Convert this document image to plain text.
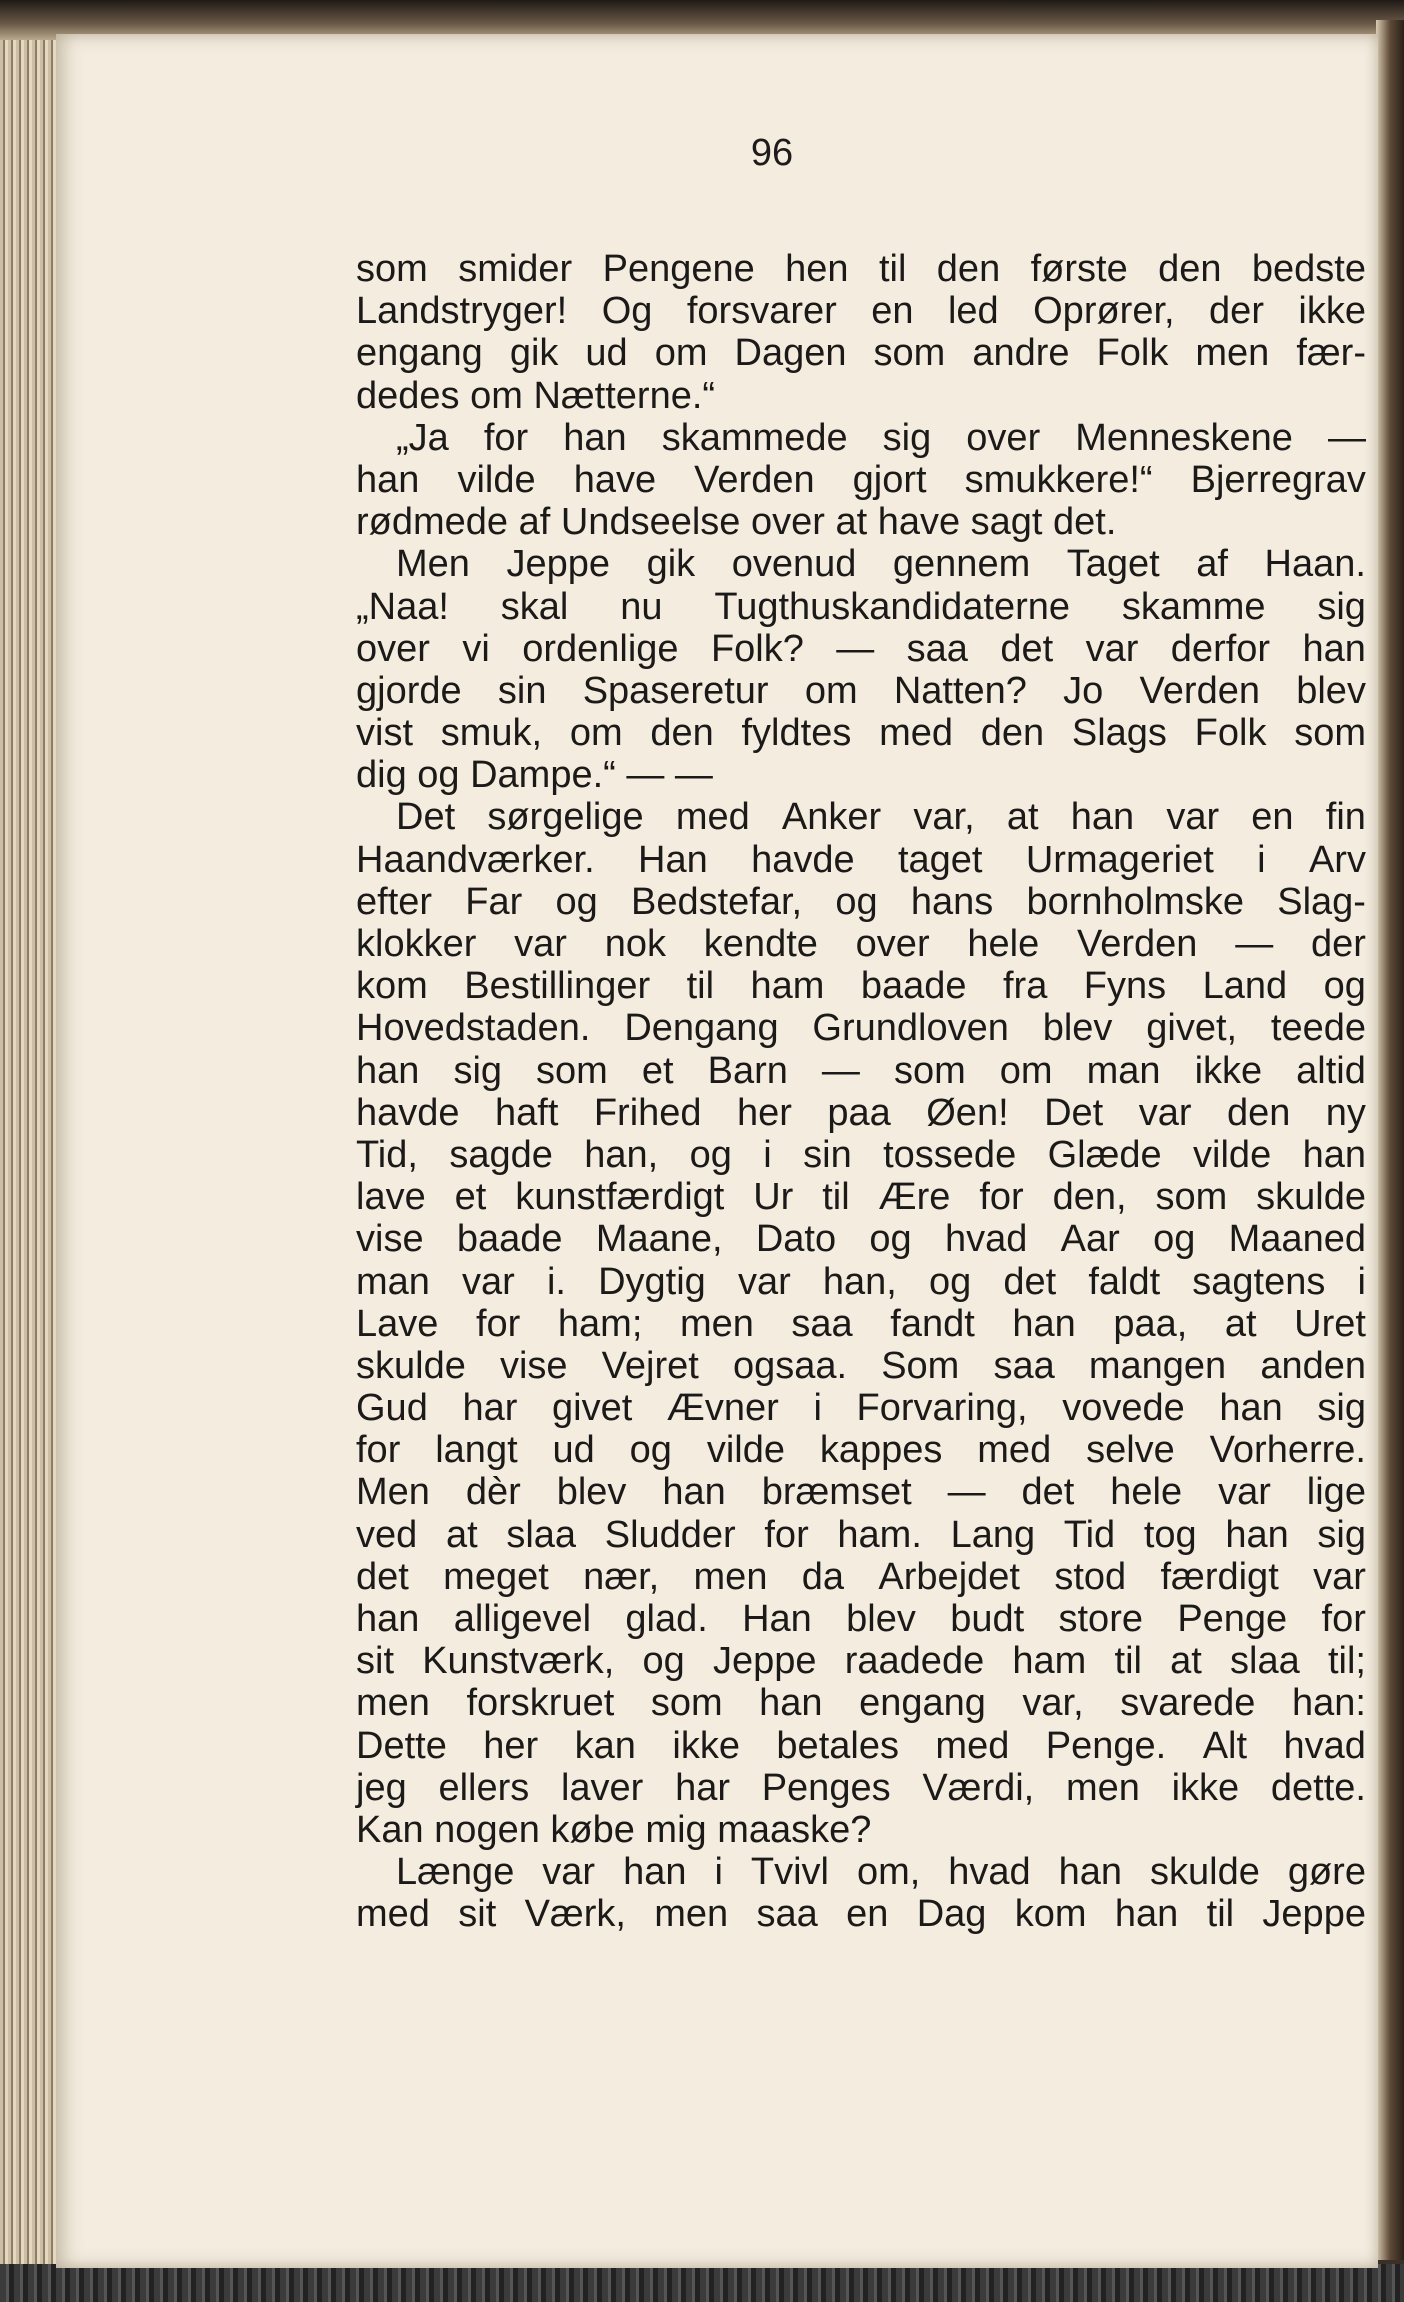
96
som smider Pengene hen til den første den bedste
Landstryger! Og forsvarer en led Oprører, der ikke
engang gik ud om Dagen som andre Folk men fær-
dedes om Nætterne.“
„Ja for han skammede sig over Menneskene —
han vilde have Verden gjort smukkere!“ Bjerregrav
rødmede af Undseelse over at have sagt det.
Men Jeppe gik ovenud gennem Taget af Haan.
„Naa! skal nu Tugthuskandidaterne skamme sig
over vi ordenlige Folk? — saa det var derfor han
gjorde sin Spaseretur om Natten? Jo Verden blev
vist smuk, om den fyldtes med den Slags Folk som
dig og Dampe.“ — —
Det sørgelige med Anker var, at han var en fin
Haandværker. Han havde taget Urmageriet i Arv
efter Far og Bedstefar, og hans bornholmske Slag-
klokker var nok kendte over hele Verden — der
kom Bestillinger til ham baade fra Fyns Land og
Hovedstaden. Dengang Grundloven blev givet, teede
han sig som et Barn — som om man ikke altid
havde haft Frihed her paa Øen! Det var den ny
Tid, sagde han, og i sin tossede Glæde vilde han
lave et kunstfærdigt Ur til Ære for den, som skulde
vise baade Maane, Dato og hvad Aar og Maaned
man var i. Dygtig var han, og det faldt sagtens i
Lave for ham; men saa fandt han paa, at Uret
skulde vise Vejret ogsaa. Som saa mangen anden
Gud har givet Ævner i Forvaring, vovede han sig
for langt ud og vilde kappes med selve Vorherre.
Men dèr blev han bræmset — det hele var lige
ved at slaa Sludder for ham. Lang Tid tog han sig
det meget nær, men da Arbejdet stod færdigt var
han alligevel glad. Han blev budt store Penge for
sit Kunstværk, og Jeppe raadede ham til at slaa til;
men forskruet som han engang var, svarede han:
Dette her kan ikke betales med Penge. Alt hvad
jeg ellers laver har Penges Værdi, men ikke dette.
Kan nogen købe mig maaske?
Længe var han i Tvivl om, hvad han skulde gøre
med sit Værk, men saa en Dag kom han til Jeppe
